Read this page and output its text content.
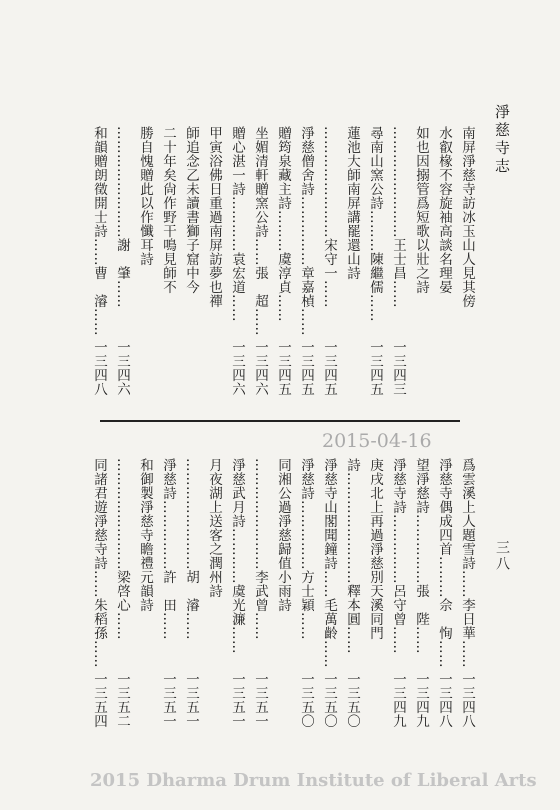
淨慈寺志
三八
南屏淨慈寺訪冰玉山人見其傍
水叡椽不容旋袖高談名理晏
如也因搦管爲短歌以壯之詩
……………………王士昌……
一三四三
尋南山窯公詩………陳繼儒……
一三四五
蓮池大師南屏講罷還山詩
……………………宋守一……
一三四五
淨慈僧舍詩……………章嘉楨……
一三四五
贈筠泉藏主詩………虞淳貞……
一三四五
坐媚清軒贈窯公詩……張　超……
一三四六
贈心湛一詩…………袁宏道……
一三四六
甲寅浴佛日重過南屏訪夢也禪
師追念乙未讀書獅子窟中今
二十年矣尙作野干鳴見師不
勝自愧贈此以作懺耳詩
……………………謝　肇……
一三四六
和韻贈朗徵開士詩……曹　濬……
一三四八
2015-04-16
爲雲溪上人題雪詩……李日華……
一三四八
淨慈寺偶成四首………佘　恂……
一三四八
望淨慈詩……………張　陛……
一三四九
淨慈寺詩……………呂守曾……
一三四九
庚戌北上再過淨慈別天溪同門
詩……………………釋本圓……
一三五〇
淨慈寺山閣聞鐘詩……毛萬齡……
一三五〇
淨慈詩……………方士穎……
一三五〇
同湘公過淨慈歸值小雨詩
……………………李武曾……
一三五一
淨慈武月詩…………虞光濂……
一三五一
月夜湖上送客之潤州詩
……………………胡　濬……
一三五一
淨慈詩……………許　田……
一三五一
和御製淨慈寺瞻禮元韻詩
……………………梁啓心……
一三五二
同諸君遊淨慈寺詩……朱稻孫……
一三五四
2015 Dharma Drum Institute of Liberal Arts
